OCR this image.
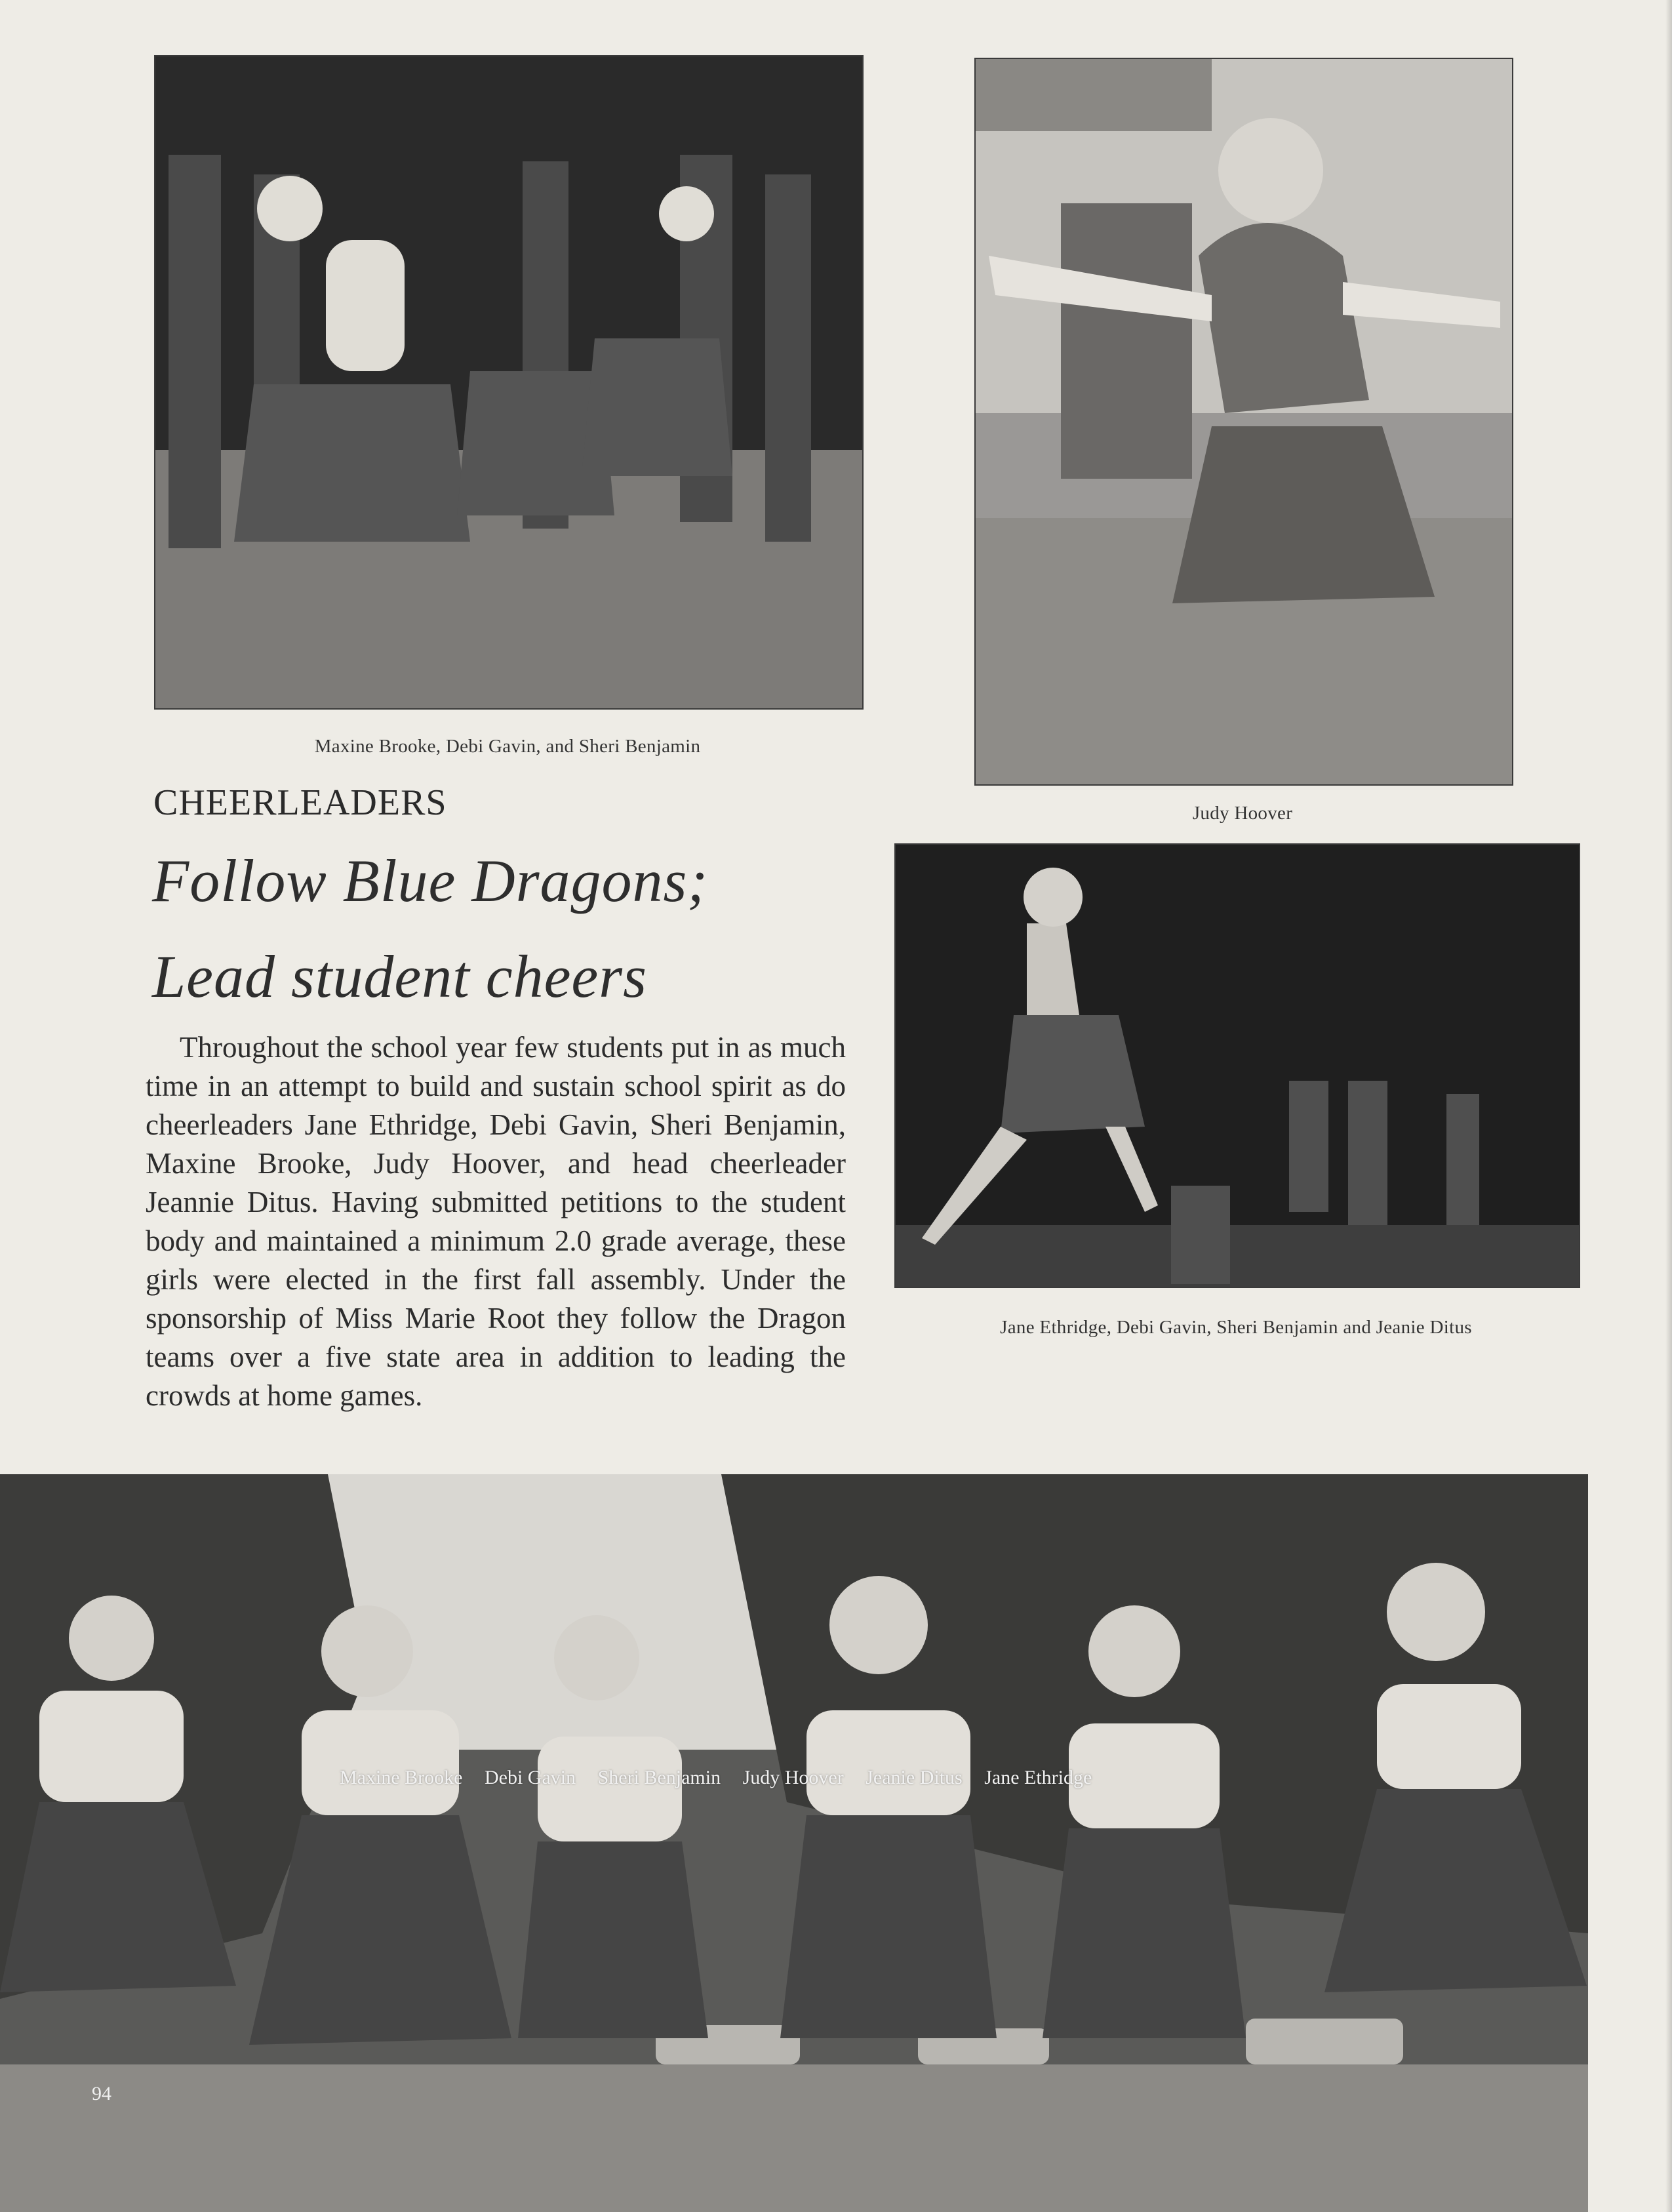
Maxine Brooke, Debi Gavin, and Sheri Benjamin
Judy Hoover
Jane Ethridge, Debi Gavin, Sheri Benjamin and Jeanie Ditus
CHEERLEADERS
Follow Blue Dragons;
Lead student cheers

Throughout the school year few students put in as much time in an attempt to build and sustain school spirit as do cheerleaders Jane Ethridge, Debi Gavin, Sheri Benjamin, Maxine Brooke, Judy Hoover, and head cheerleader Jeannie Ditus. Having submitted petitions to the student body and maintained a minimum 2.0 grade average, these girls were elected in the first fall assembly. Under the sponsorship of Miss Marie Root they follow the Dragon teams over a five state area in addition to leading the crowds at home games.

Maxine Brooke Debi Gavin Sheri Benjamin Judy Hoover Jeanie Ditus Jane Ethridge
94
